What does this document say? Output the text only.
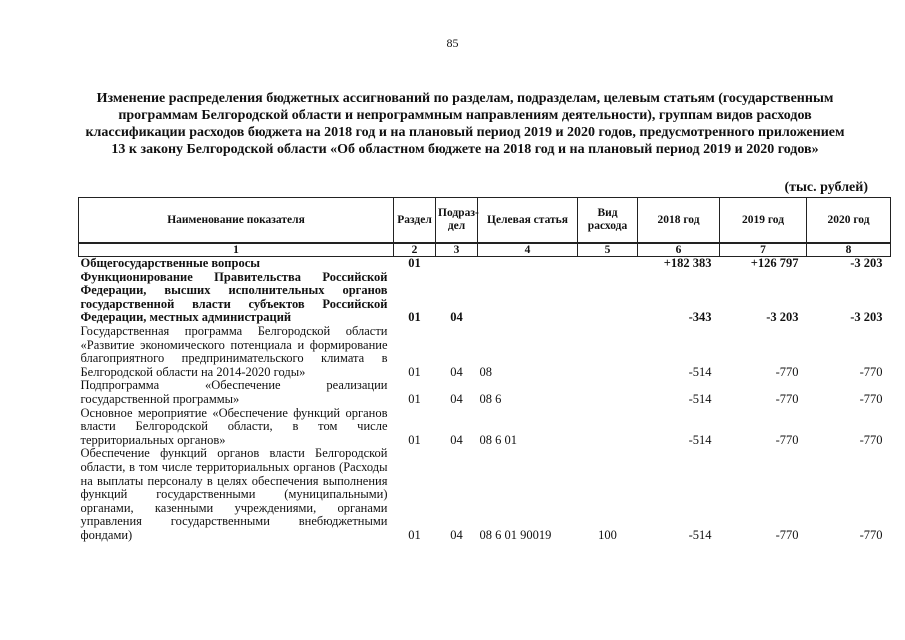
85
Изменение распределения бюджетных ассигнований по разделам, подразделам, целевым статьям (государственным программам Белгородской области и непрограммным направлениям деятельности), группам видов расходов классификации расходов бюджета на 2018 год и на плановый период 2019 и 2020 годов, предусмотренного приложением 13 к закону Белгородской области «Об областном бюджете на 2018 год и на плановый период 2019 и 2020 годов»
(тыс. рублей)
Наименование показателя	Раздел	Подраз-дел	Целевая статья	Вид расхода	2018 год	2019 год	2020 год
1	2	3	4	5	6	7	8
Общегосударственные вопросы	01				+182 383	+126 797	-3 203
Функционирование Правительства Российской Федерации, высших исполнительных органов государственной власти субъектов Российской Федерации, местных администраций	01	04			-343	-3 203	-3 203
Государственная программа Белгородской области «Развитие экономического потенциала и формирование благоприятного предпринимательского климата в Белгородской области на 2014-2020 годы»	01	04	08		-514	-770	-770
Подпрограмма «Обеспечение реализации государственной программы»	01	04	08 6		-514	-770	-770
Основное мероприятие «Обеспечение функций органов власти Белгородской области, в том числе территориальных органов»	01	04	08 6 01		-514	-770	-770
Обеспечение функций органов власти Белгородской области, в том числе территориальных органов (Расходы на выплаты персоналу в целях обеспечения выполнения функций государственными (муниципальными) органами, казенными учреждениями, органами управления государственными внебюджетными фондами)	01	04	08 6 01 90019	100	-514	-770	-770
